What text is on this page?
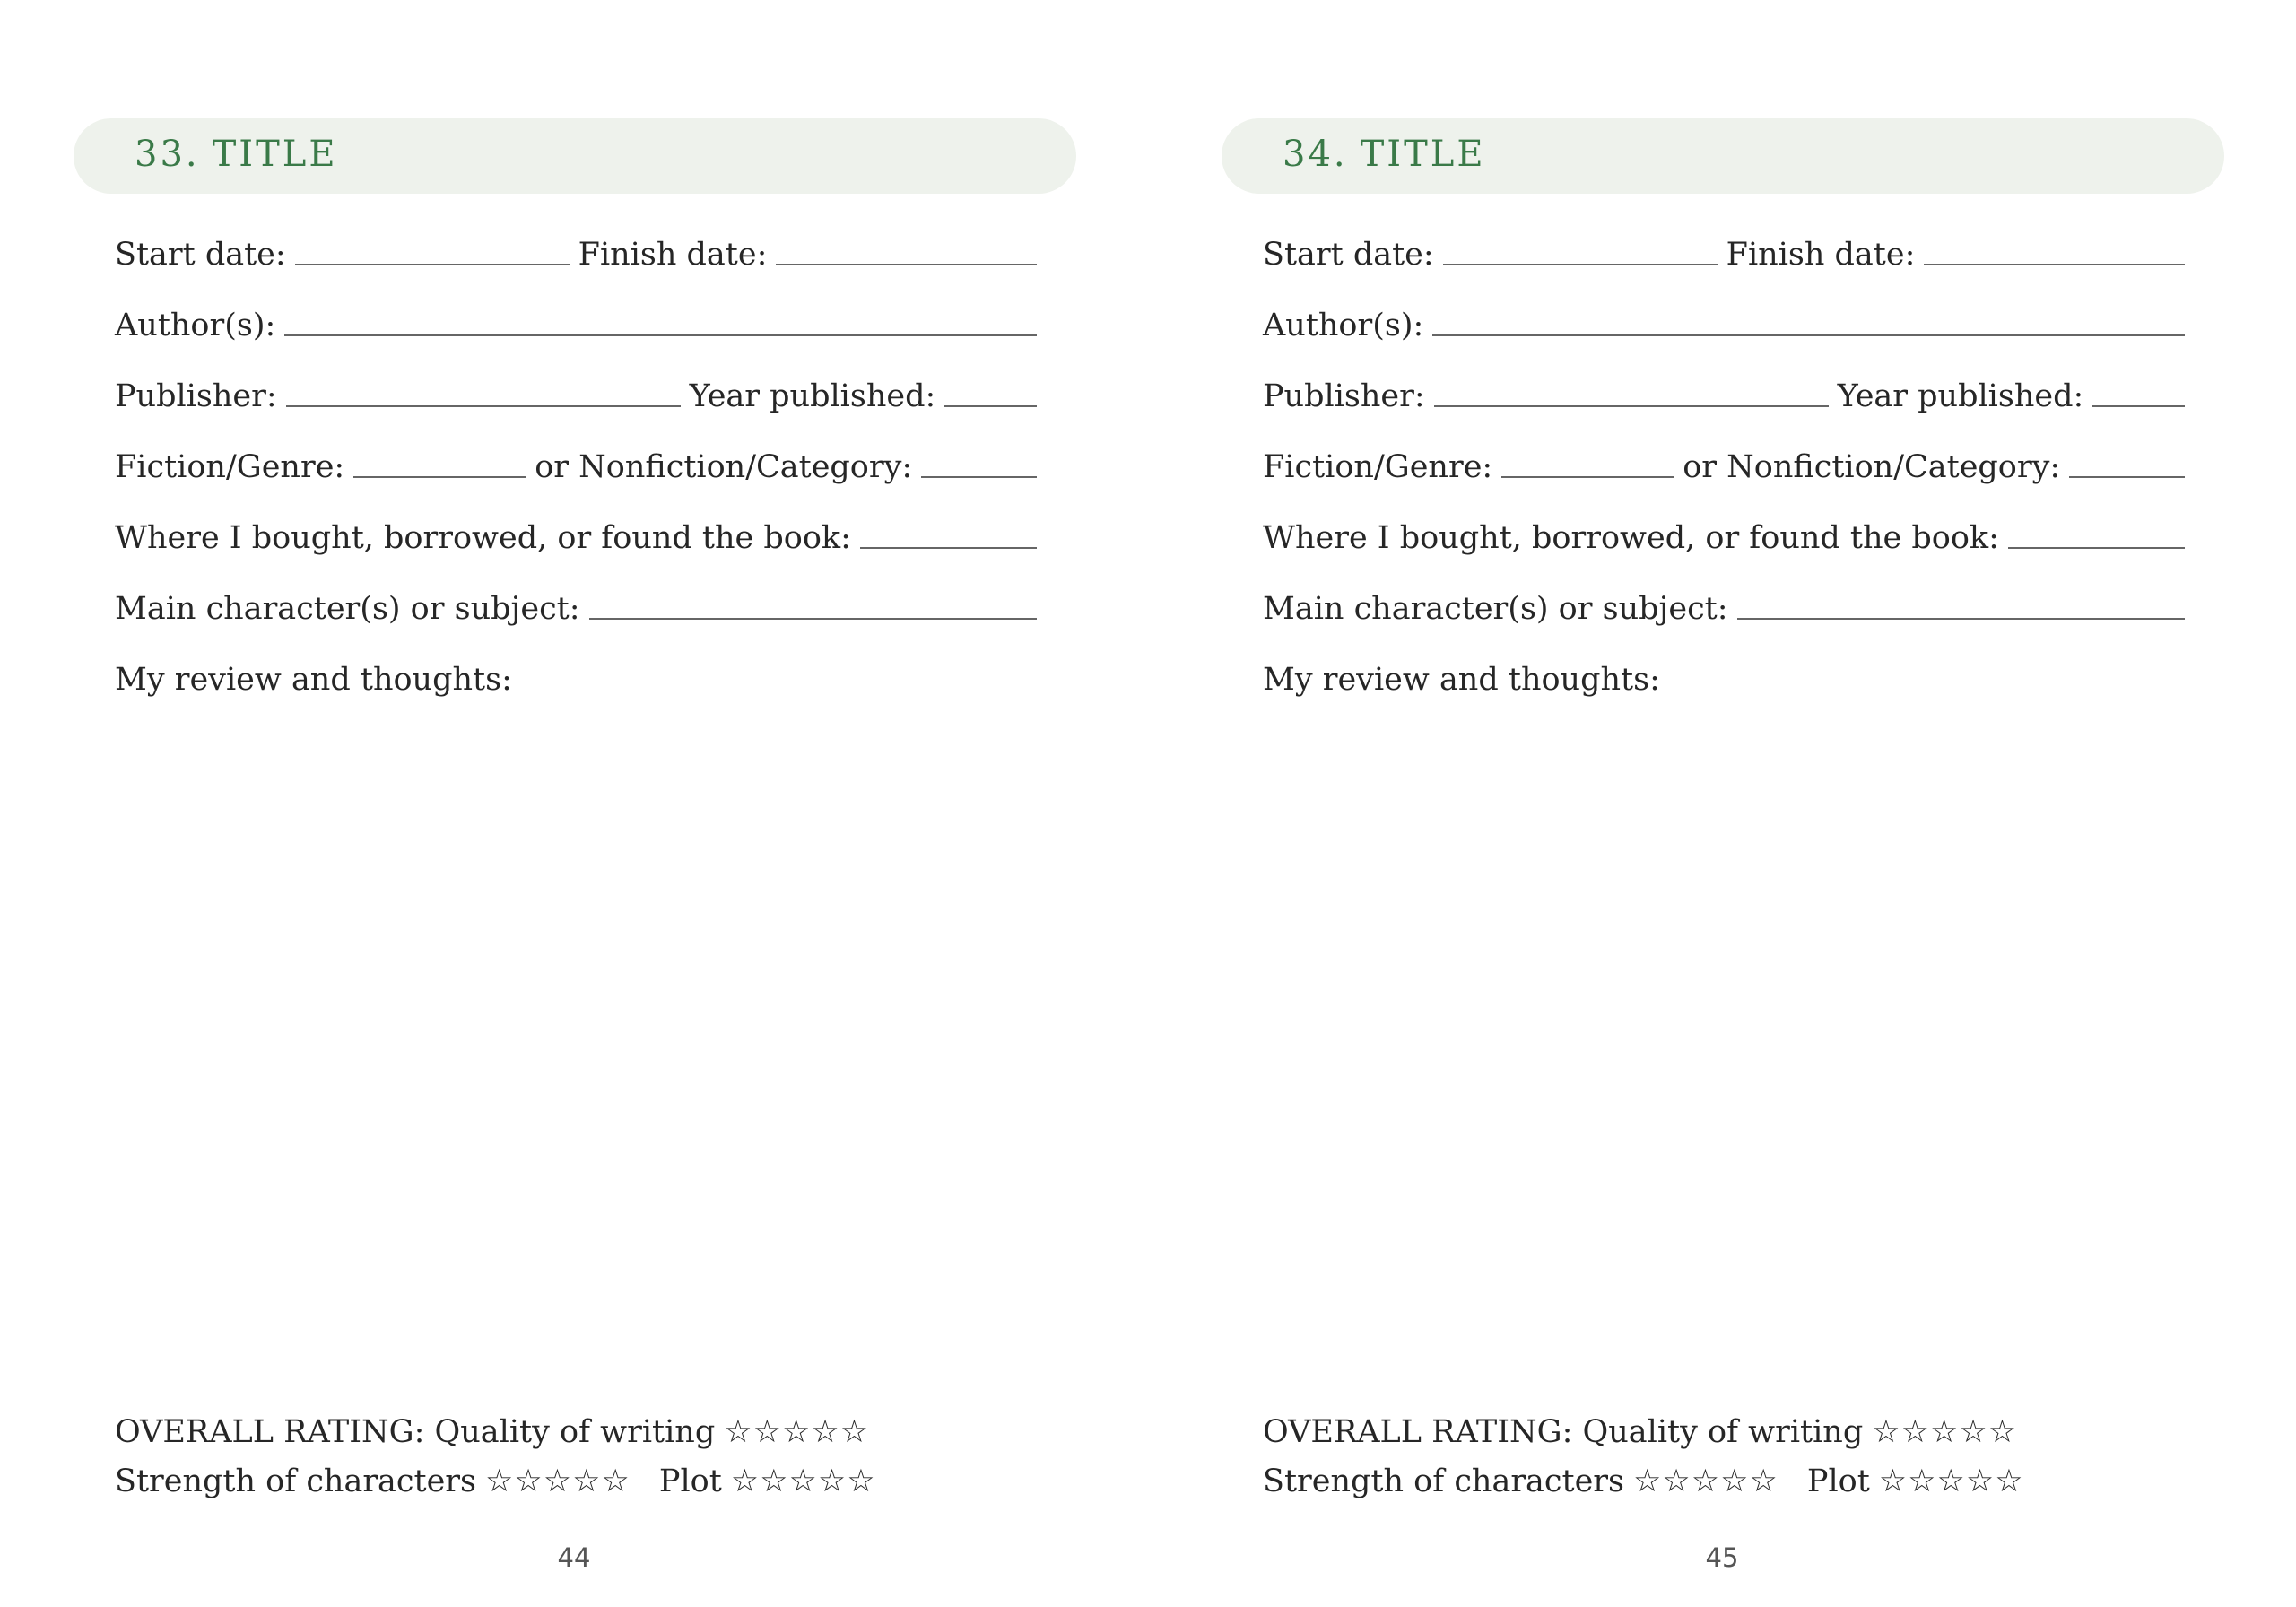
33. TITLE
Start date:	Finish date:
Author(s):
Publisher:	Year published:
Fiction/Genre:	or Nonfiction/Category:
Where I bought, borrowed, or found the book:
Main character(s) or subject:
My review and thoughts:
OVERALL RATING: Quality of writing ☆☆☆☆☆
Strength of characters ☆☆☆☆☆ Plot ☆☆☆☆☆
44
34. TITLE
Start date:	Finish date:
Author(s):
Publisher:	Year published:
Fiction/Genre:	or Nonfiction/Category:
Where I bought, borrowed, or found the book:
Main character(s) or subject:
My review and thoughts:
OVERALL RATING: Quality of writing ☆☆☆☆☆
Strength of characters ☆☆☆☆☆ Plot ☆☆☆☆☆
45
